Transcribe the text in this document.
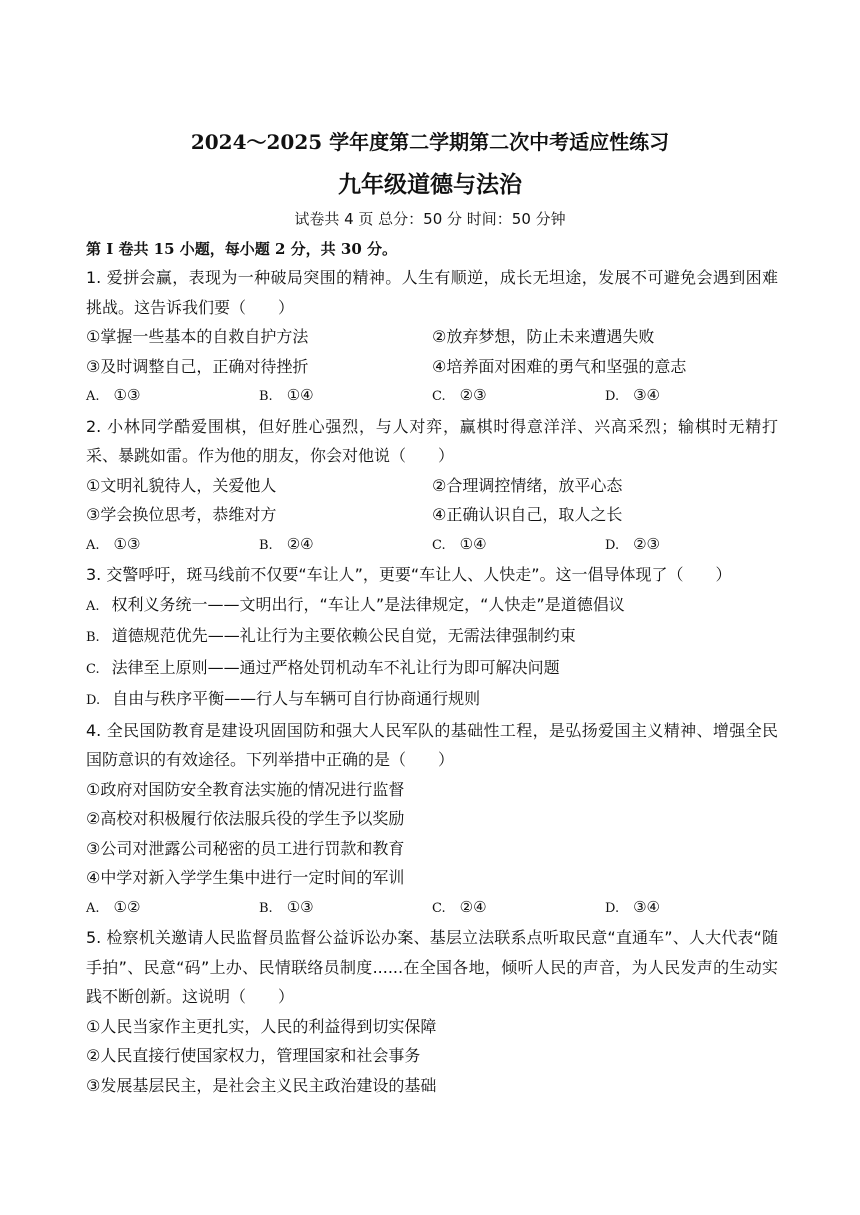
2024～2025 学年度第二学期第二次中考适应性练习
九年级道德与法治
试卷共 4 页 总分：50 分 时间：50 分钟
第 I 卷共 15 小题，每小题 2 分，共 30 分。

1. 爱拼会赢，表现为一种破局突围的精神。人生有顺逆，成长无坦途，发展不可避免会遇到困难挑战。这告诉我们要（　　）

①掌握一些基本的自救自护方法	②放弃梦想，防止未来遭遇失败
③及时调整自己，正确对待挫折	④培养面对困难的勇气和坚强的意志
A. ①③	B. ①④	C. ②③	D. ③④

2. 小林同学酷爱围棋，但好胜心强烈，与人对弈，赢棋时得意洋洋、兴高采烈；输棋时无精打采、暴跳如雷。作为他的朋友，你会对他说（　　）

①文明礼貌待人，关爱他人	②合理调控情绪，放平心态
③学会换位思考，恭维对方	④正确认识自己，取人之长
A. ①③	B. ②④	C. ①④	D. ②③

3. 交警呼吁，斑马线前不仅要“车让人”，更要“车让人、人快走”。这一倡导体现了（　　）

A. 权利义务统一——文明出行，“车让人”是法律规定，“人快走”是道德倡议
B. 道德规范优先——礼让行为主要依赖公民自觉，无需法律强制约束
C. 法律至上原则——通过严格处罚机动车不礼让行为即可解决问题
D. 自由与秩序平衡——行人与车辆可自行协商通行规则

4. 全民国防教育是建设巩固国防和强大人民军队的基础性工程，是弘扬爱国主义精神、增强全民国防意识的有效途径。下列举措中正确的是（　　）

①政府对国防安全教育法实施的情况进行监督
②高校对积极履行依法服兵役的学生予以奖励
③公司对泄露公司秘密的员工进行罚款和教育
④中学对新入学学生集中进行一定时间的军训
A. ①②	B. ①③	C. ②④	D. ③④

5. 检察机关邀请人民监督员监督公益诉讼办案、基层立法联系点听取民意“直通车”、人大代表“随手拍”、民意“码”上办、民情联络员制度......在全国各地，倾听人民的声音，为人民发声的生动实践不断创新。这说明（　　）

①人民当家作主更扎实，人民的利益得到切实保障
②人民直接行使国家权力，管理国家和社会事务
③发展基层民主，是社会主义民主政治建设的基础
